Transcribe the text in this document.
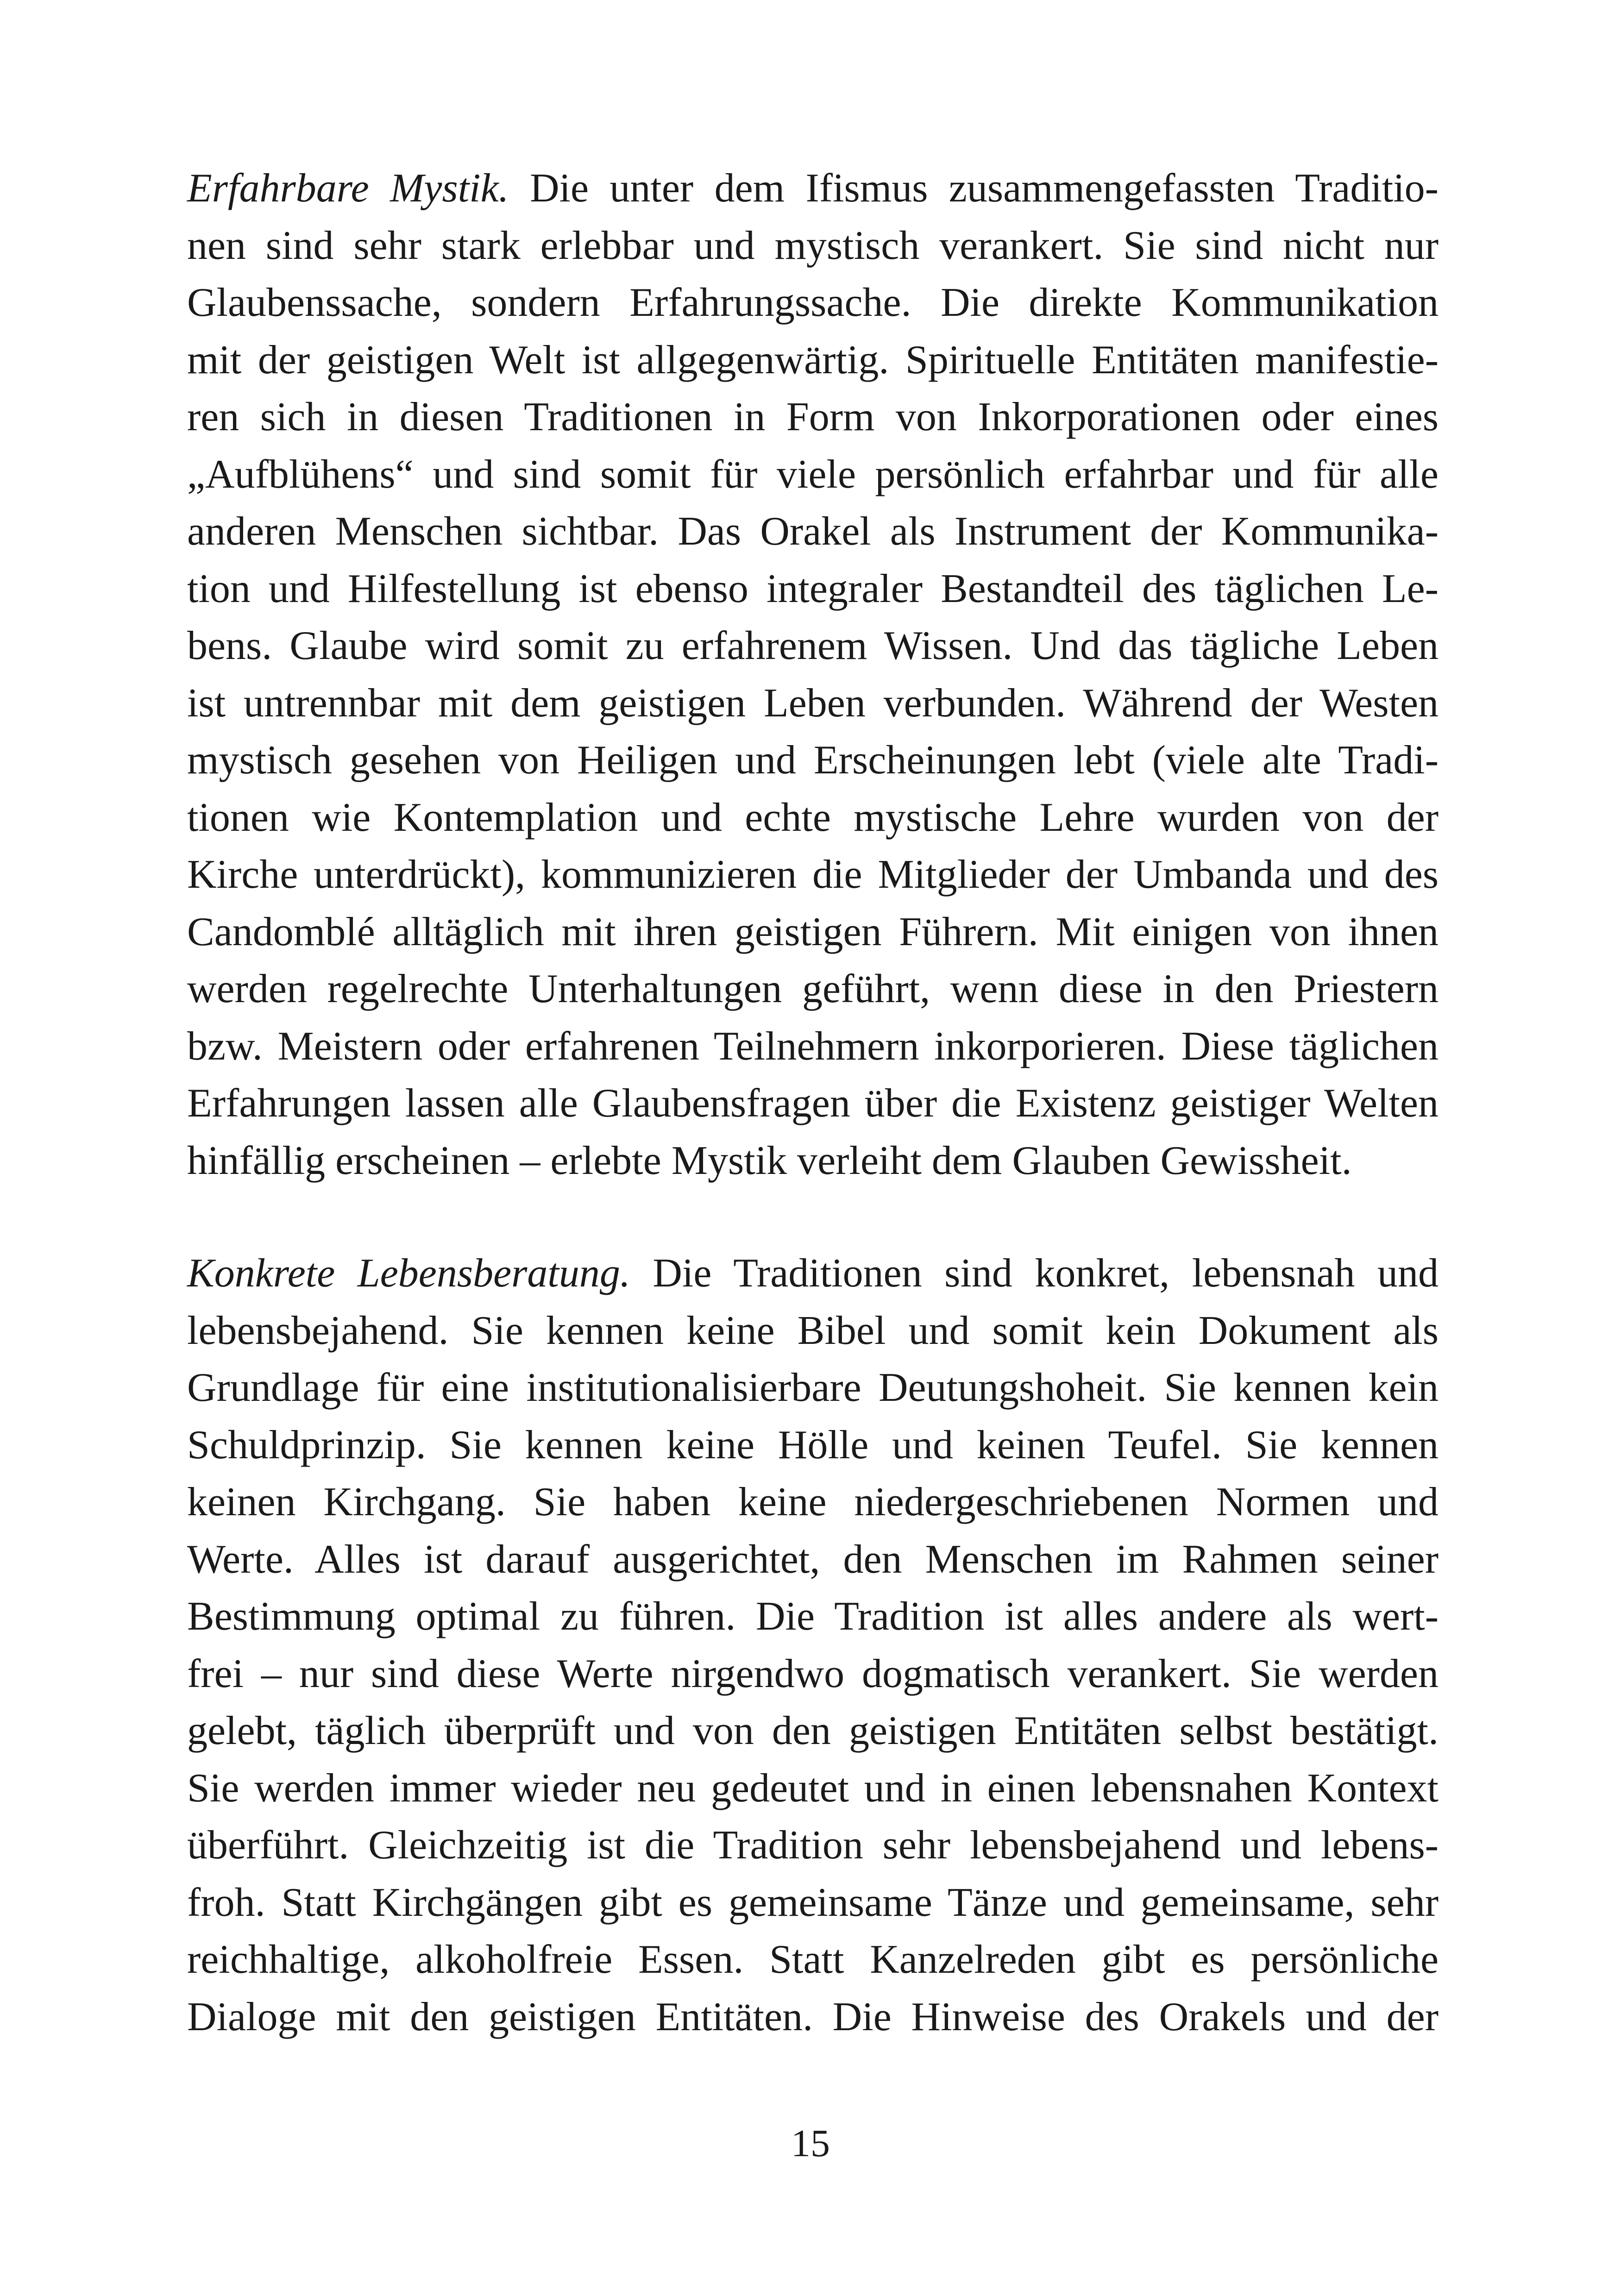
Erfahrbare Mystik. Die unter dem Ifismus zusammengefassten Traditio-
nen sind sehr stark erlebbar und mystisch verankert. Sie sind nicht nur
Glaubenssache, sondern Erfahrungssache. Die direkte Kommunikation
mit der geistigen Welt ist allgegenwärtig. Spirituelle Entitäten manifestie-
ren sich in diesen Traditionen in Form von Inkorporationen oder eines
„Aufblühens“ und sind somit für viele persönlich erfahrbar und für alle
anderen Menschen sichtbar. Das Orakel als Instrument der Kommunika-
tion und Hilfestellung ist ebenso integraler Bestandteil des täglichen Le-
bens. Glaube wird somit zu erfahrenem Wissen. Und das tägliche Leben
ist untrennbar mit dem geistigen Leben verbunden. Während der Westen
mystisch gesehen von Heiligen und Erscheinungen lebt (viele alte Tradi-
tionen wie Kontemplation und echte mystische Lehre wurden von der
Kirche unterdrückt), kommunizieren die Mitglieder der Umbanda und des
Candomblé alltäglich mit ihren geistigen Führern. Mit einigen von ihnen
werden regelrechte Unterhaltungen geführt, wenn diese in den Priestern
bzw. Meistern oder erfahrenen Teilnehmern inkorporieren. Diese täglichen
Erfahrungen lassen alle Glaubensfragen über die Existenz geistiger Welten
hinfällig erscheinen – erlebte Mystik verleiht dem Glauben Gewissheit.
Konkrete Lebensberatung. Die Traditionen sind konkret, lebensnah und
lebensbejahend. Sie kennen keine Bibel und somit kein Dokument als
Grundlage für eine institutionalisierbare Deutungshoheit. Sie kennen kein
Schuldprinzip. Sie kennen keine Hölle und keinen Teufel. Sie kennen
keinen Kirchgang. Sie haben keine niedergeschriebenen Normen und
Werte. Alles ist darauf ausgerichtet, den Menschen im Rahmen seiner
Bestimmung optimal zu führen. Die Tradition ist alles andere als wert-
frei – nur sind diese Werte nirgendwo dogmatisch verankert. Sie werden
gelebt, täglich überprüft und von den geistigen Entitäten selbst bestätigt.
Sie werden immer wieder neu gedeutet und in einen lebensnahen Kontext
überführt. Gleichzeitig ist die Tradition sehr lebensbejahend und lebens-
froh. Statt Kirchgängen gibt es gemeinsame Tänze und gemeinsame, sehr
reichhaltige, alkoholfreie Essen. Statt Kanzelreden gibt es persönliche
Dialoge mit den geistigen Entitäten. Die Hinweise des Orakels und der
15
